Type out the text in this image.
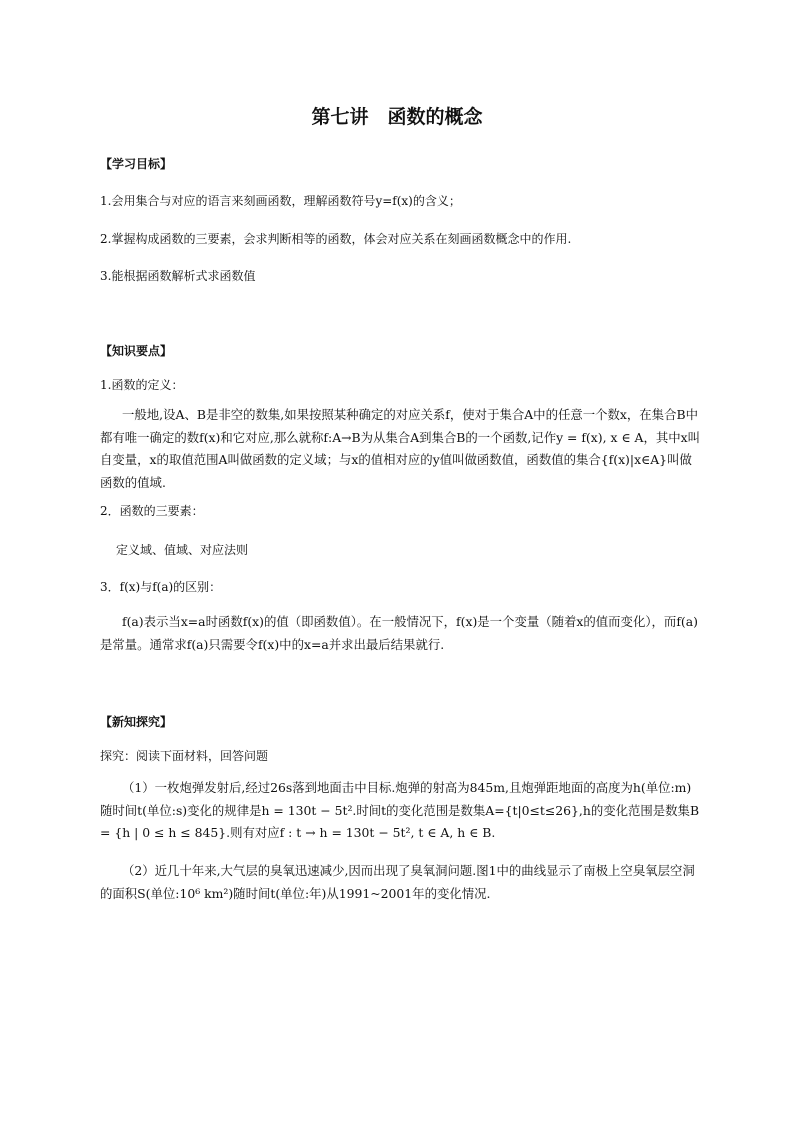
第七讲　函数的概念
【学习目标】
1.会用集合与对应的语言来刻画函数，理解函数符号y=f(x)的含义；
2.掌握构成函数的三要素，会求判断相等的函数，体会对应关系在刻画函数概念中的作用.
3.能根据函数解析式求函数值
【知识要点】
1.函数的定义：
一般地,设A、B是非空的数集,如果按照某种确定的对应关系f，使对于集合A中的任意一个数x，在集合B中都有唯一确定的数f(x)和它对应,那么就称f:A→B为从集合A到集合B的一个函数,记作y = f(x), x ∈ A，其中x叫自变量，x的取值范围A叫做函数的定义域；与x的值相对应的y值叫做函数值，函数值的集合{f(x)|x∈A}叫做函数的值域.
2．函数的三要素：
定义域、值域、对应法则
3．f(x)与f(a)的区别：
f(a)表示当x=a时函数f(x)的值（即函数值）。在一般情况下，f(x)是一个变量（随着x的值而变化），而f(a)是常量。通常求f(a)只需要令f(x)中的x=a并求出最后结果就行.
【新知探究】
探究：阅读下面材料，回答问题
（1）一枚炮弹发射后,经过26s落到地面击中目标.炮弹的射高为845m,且炮弹距地面的高度为h(单位:m)随时间t(单位:s)变化的规律是h = 130t − 5t².时间t的变化范围是数集A={t|0≤t≤26},h的变化范围是数集B = {h | 0 ≤ h ≤ 845}.则有对应f : t → h = 130t − 5t², t ∈ A, h ∈ B.
（2）近几十年来,大气层的臭氧迅速减少,因而出现了臭氧洞问题.图1中的曲线显示了南极上空臭氧层空洞的面积S(单位:10⁶ km²)随时间t(单位:年)从1991~2001年的变化情况.
